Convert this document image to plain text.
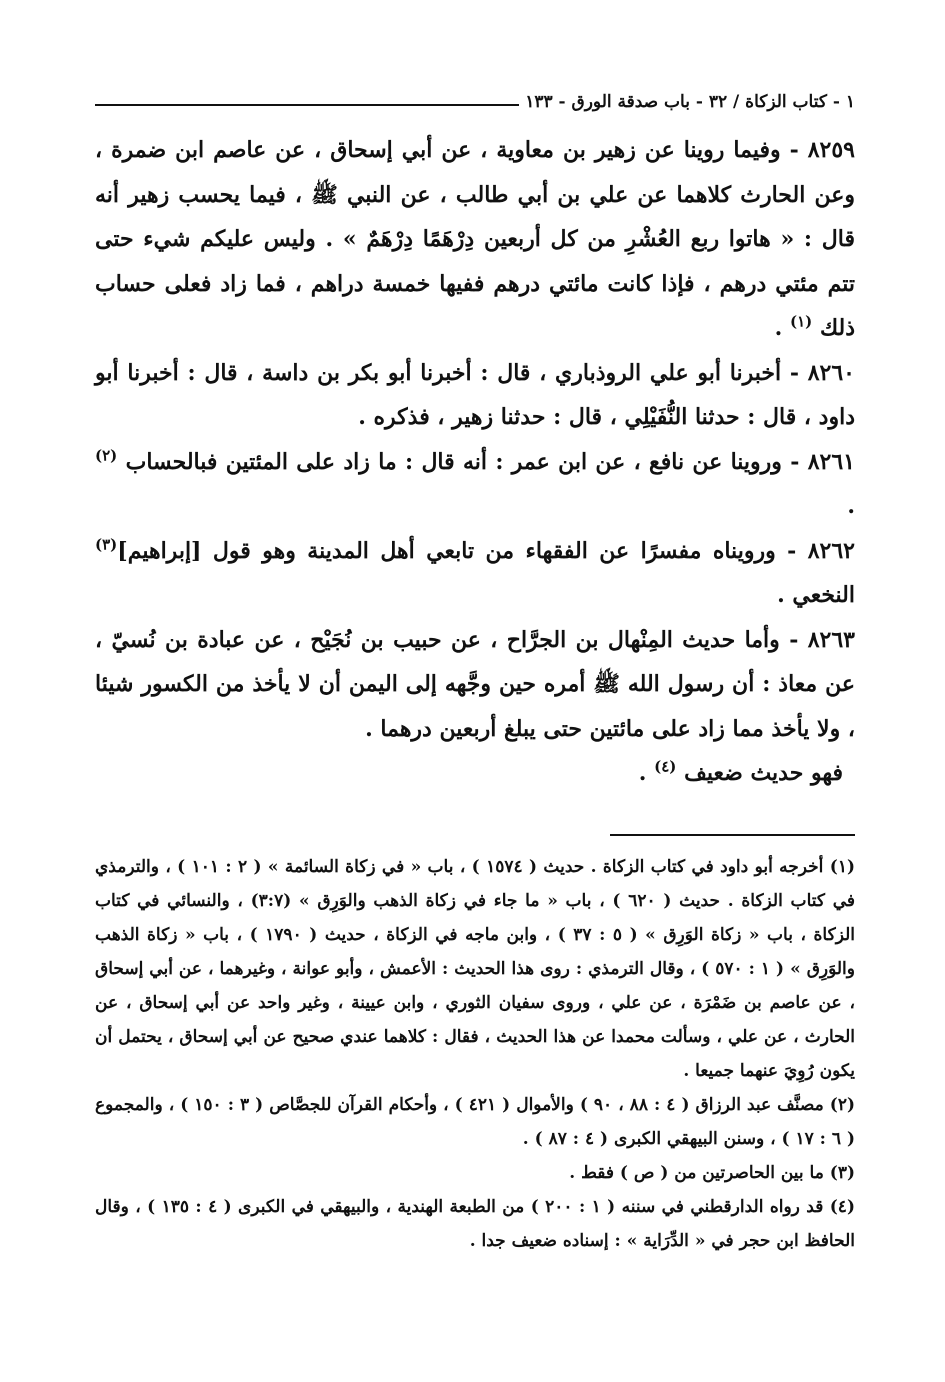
١ - كتاب الزكاة / ٣٢ - باب صدقة الورق - ١٣٣

٨٢٥٩ - وفيما روينا عن زهير بن معاوية ، عن أبي إسحاق ، عن عاصم ابن ضمرة ، وعن الحارث كلاهما عن علي بن أبي طالب ، عن النبي ﷺ ، فيما يحسب زهير أنه قال : « هاتوا ربع العُشْرِ من كل أربعين دِرْهَمًا دِرْهَمٌ » . وليس عليكم شيء حتى تتم مئتي درهم ، فإذا كانت مائتي درهم ففيها خمسة دراهم ، فما زاد فعلى حساب ذلك $^{(١)}$ .

٨٢٦٠ - أخبرنا أبو علي الروذباري ، قال : أخبرنا أبو بكر بن داسة ، قال : أخبرنا أبو داود ، قال : حدثنا النُّفَيْلِي ، قال : حدثنا زهير ، فذكره .

٨٢٦١ - وروينا عن نافع ، عن ابن عمر : أنه قال : ما زاد على المئتين فبالحساب $^{(٢)}$ .

٨٢٦٢ - ورويناه مفسرًا عن الفقهاء من تابعي أهل المدينة وهو قول [إبراهيم]$^{(٣)}$ النخعي .

٨٢٦٣ - وأما حديث المِنْهال بن الجرَّاح ، عن حبيب بن نُجَيْح ، عن عبادة بن نُسيّ ، عن معاذ : أن رسول الله ﷺ أمره حين وجَّهه إلى اليمن أن لا يأخذ من الكسور شيئا ، ولا يأخذ مما زاد على مائتين حتى يبلغ أربعين درهما .

فهو حديث ضعيف $^{(٤)}$ .

(١) أخرجه أبو داود في كتاب الزكاة . حديث ( ١٥٧٤ ) ، باب « في زكاة السائمة » ( ٢ : ١٠١ ) ، والترمذي في كتاب الزكاة . حديث ( ٦٢٠ ) ، باب « ما جاء في زكاة الذهب والوَرِق » (٣:٧) ، والنسائي في كتاب الزكاة ، باب « زكاة الوَرِق » ( ٥ : ٣٧ ) ، وابن ماجه في الزكاة ، حديث ( ١٧٩٠ ) ، باب « زكاة الذهب والوَرِق » ( ١ : ٥٧٠ ) ، وقال الترمذي : روى هذا الحديث : الأعمش ، وأبو عوانة ، وغيرهما ، عن أبي إسحاق ، عن عاصم بن ضَمْرَة ، عن علي ، وروى سفيان الثوري ، وابن عيينة ، وغير واحد عن أبي إسحاق ، عن الحارث ، عن علي ، وسألت محمدا عن هذا الحديث ، فقال : كلاهما عندي صحيح عن أبي إسحاق ، يحتمل أن يكون رُوِيَ عنهما جميعا .

(٢) مصنَّف عبد الرزاق ( ٤ : ٨٨ ، ٩٠ ) والأموال ( ٤٢١ ) ، وأحكام القرآن للجصَّاص ( ٣ : ١٥٠ ) ، والمجموع ( ٦ : ١٧ ) ، وسنن البيهقي الكبرى ( ٤ : ٨٧ ) .

(٣) ما بين الحاصرتين من ( ص ) فقط .

(٤) قد رواه الدارقطني في سننه ( ١ : ٢٠٠ ) من الطبعة الهندية ، والبيهقي في الكبرى ( ٤ : ١٣٥ ) ، وقال الحافظ ابن حجر في « الدِّرَاية » : إسناده ضعيف جدا .
